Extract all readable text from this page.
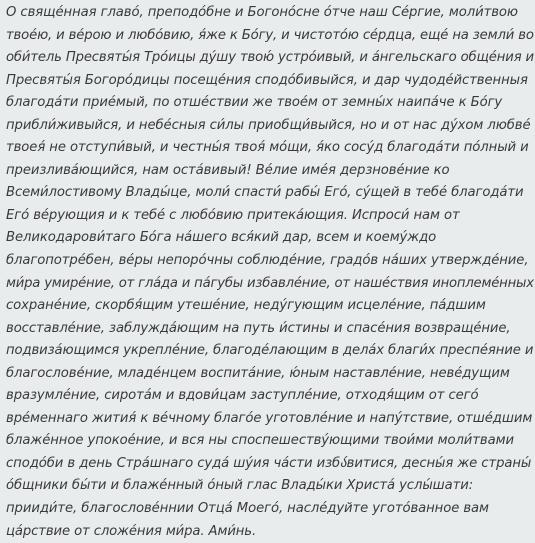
О свяще́нная главо́, преподо́бне и Богоно́сне о́тче наш Се́ргие, моли́твою
твое́ю, и ве́рою и любо́вию, я́же к Бо́гу, и чистото́ю се́рдца, еще́ на земли́ во
оби́тель Пресвяты́я Тро́ицы ду́шу твою́ устро́ивый, и а́нгельскаго обще́ния и
Пресвяты́я Богоро́дицы посеще́ния сподо́бивыйся, и дар чудоде́йственныя
благода́ти прие́мый, по отше́ствии же твое́м от земны́х наипа́че к Бо́гу
прибли́живыйся, и небе́сныя си́лы приобщи́выйся, но и от нас ду́хом любве́
твоея́ не отступи́вый, и честны́я твоя́ мо́щи, я́ко сосу́д благода́ти по́лный и
преизлива́ющийся, нам оста́вивый! Ве́лие име́я дерзнове́ние ко
Всеми́лостивому Влады́це, моли́ спасти́ рабы́ Его́, су́щей в тебе́ благода́ти
Его́ ве́рующия и к тебе́ с любо́вию притека́ющия. Испроси́ нам от
Великодарови́таго Бо́га на́шего вся́кий дар, всем и коему́ждо
благопотре́бен, ве́ры непоро́чны соблюде́ние, градо́в на́ших утвержде́ние,
ми́ра умире́ние, от гла́да и па́губы избавле́ние, от наше́ствия иноплеме́нных
сохране́ние, скорбя́щим утеше́ние, неду́гующим исцеле́ние, па́дшим
восставле́ние, заблужда́ющим на путь и́стины и спасе́ния возвраще́ние,
подвиза́ющимся укрепле́ние, благоде́лающим в дела́х благи́х преспе́яние и
благослове́ние, младе́нцем воспита́ние, ю́ным наставле́ние, неве́дущим
вразумле́ние, сирота́м и вдови́цам заступле́ние, отходя́щим от сего́
вре́меннаго жития́ к ве́чному благо́е уготовле́ние и напу́тствие, отше́дшим
блаже́нное упокое́ние, и вся ны споспешеству́ющими твои́ми моли́твами
сподо́би в день Стра́шнаго суда́ шу́ия ча́сти избა́витися, десны́я же страны́
о́бщники бы́ти и блаже́нный о́ный глас Влады́ки Христа́ услы́шати:
прииди́те, благослове́ннии Отца́ Моего́, насле́дуйте угото́ванное вам
ца́рствие от сложе́ния ми́ра. Ами́нь.
